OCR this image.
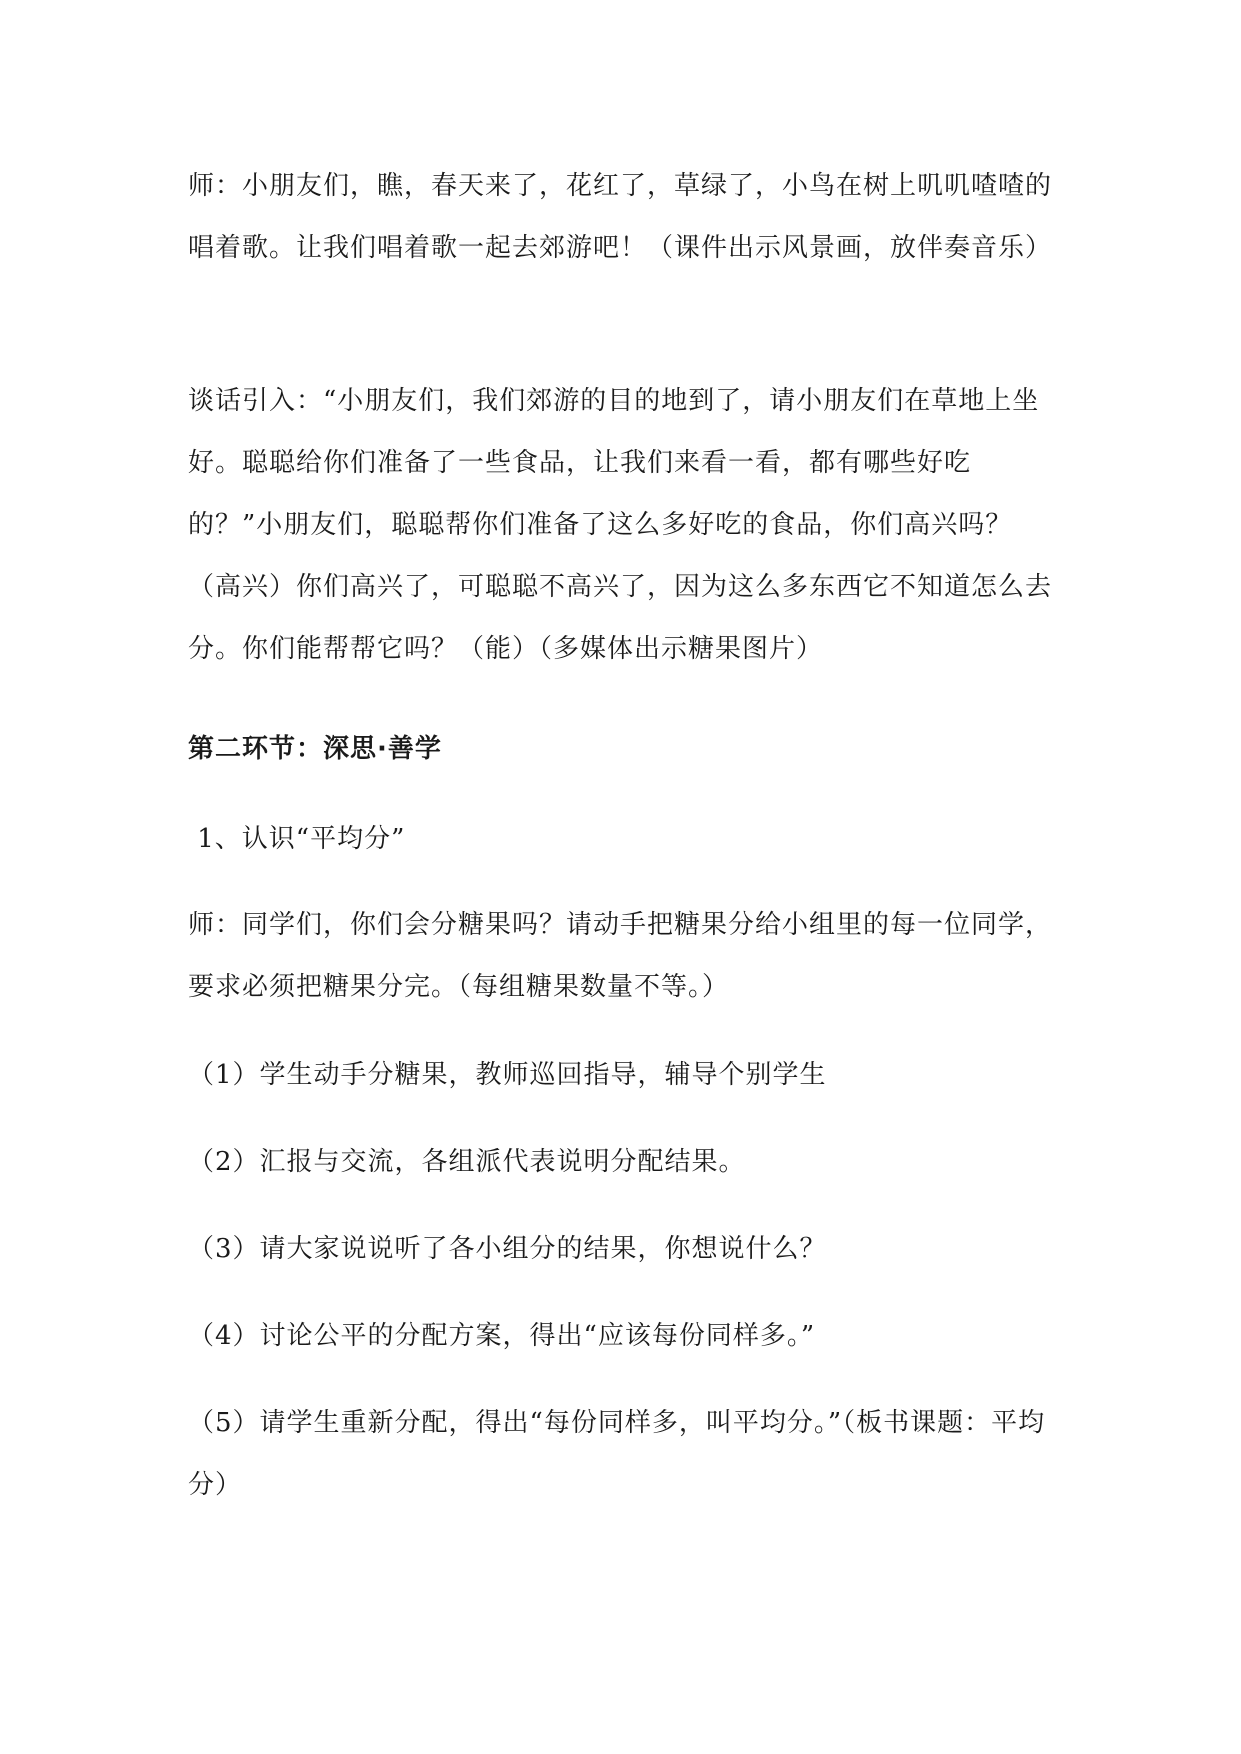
师：小朋友们，瞧，春天来了，花红了，草绿了，小鸟在树上叽叽喳喳的唱着歌。让我们唱着歌一起去郊游吧！（课件出示风景画，放伴奏音乐）

谈话引入：“小朋友们，我们郊游的目的地到了，请小朋友们在草地上坐好。聪聪给你们准备了一些食品，让我们来看一看，都有哪些好吃的？”小朋友们，聪聪帮你们准备了这么多好吃的食品，你们高兴吗？（高兴）你们高兴了，可聪聪不高兴了，因为这么多东西它不知道怎么去分。你们能帮帮它吗？（能）（多媒体出示糖果图片）

第二环节：深思·善学

1、认识“平均分”

师：同学们，你们会分糖果吗？请动手把糖果分给小组里的每一位同学，要求必须把糖果分完。（每组糖果数量不等。）

（1）学生动手分糖果，教师巡回指导，辅导个别学生

（2）汇报与交流，各组派代表说明分配结果。

（3）请大家说说听了各小组分的结果，你想说什么？

（4）讨论公平的分配方案，得出“应该每份同样多。”

（5）请学生重新分配，得出“每份同样多，叫平均分。”（板书课题：平均分）
